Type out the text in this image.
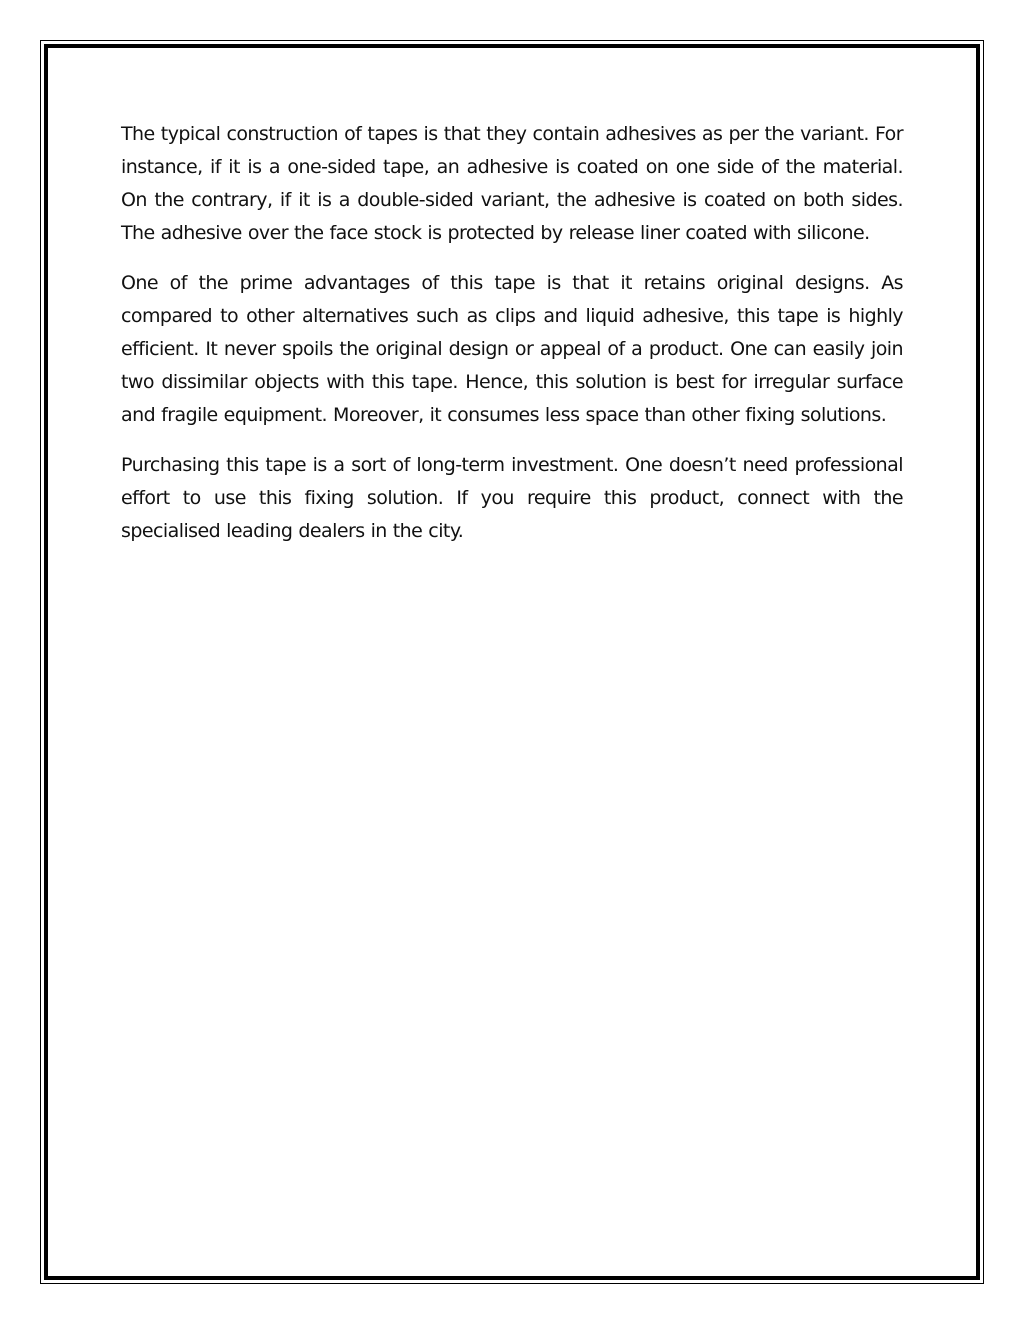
The typical construction of tapes is that they contain adhesives as per the variant. For instance, if it is a one-sided tape, an adhesive is coated on one side of the material. On the contrary, if it is a double-sided variant, the adhesive is coated on both sides. The adhesive over the face stock is protected by release liner coated with silicone.

One of the prime advantages of this tape is that it retains original designs. As compared to other alternatives such as clips and liquid adhesive, this tape is highly efficient. It never spoils the original design or appeal of a product. One can easily join two dissimilar objects with this tape. Hence, this solution is best for irregular surface and fragile equipment. Moreover, it consumes less space than other fixing solutions.

Purchasing this tape is a sort of long-term investment. One doesn’t need professional effort to use this fixing solution. If you require this product, connect with the specialised leading dealers in the city.
